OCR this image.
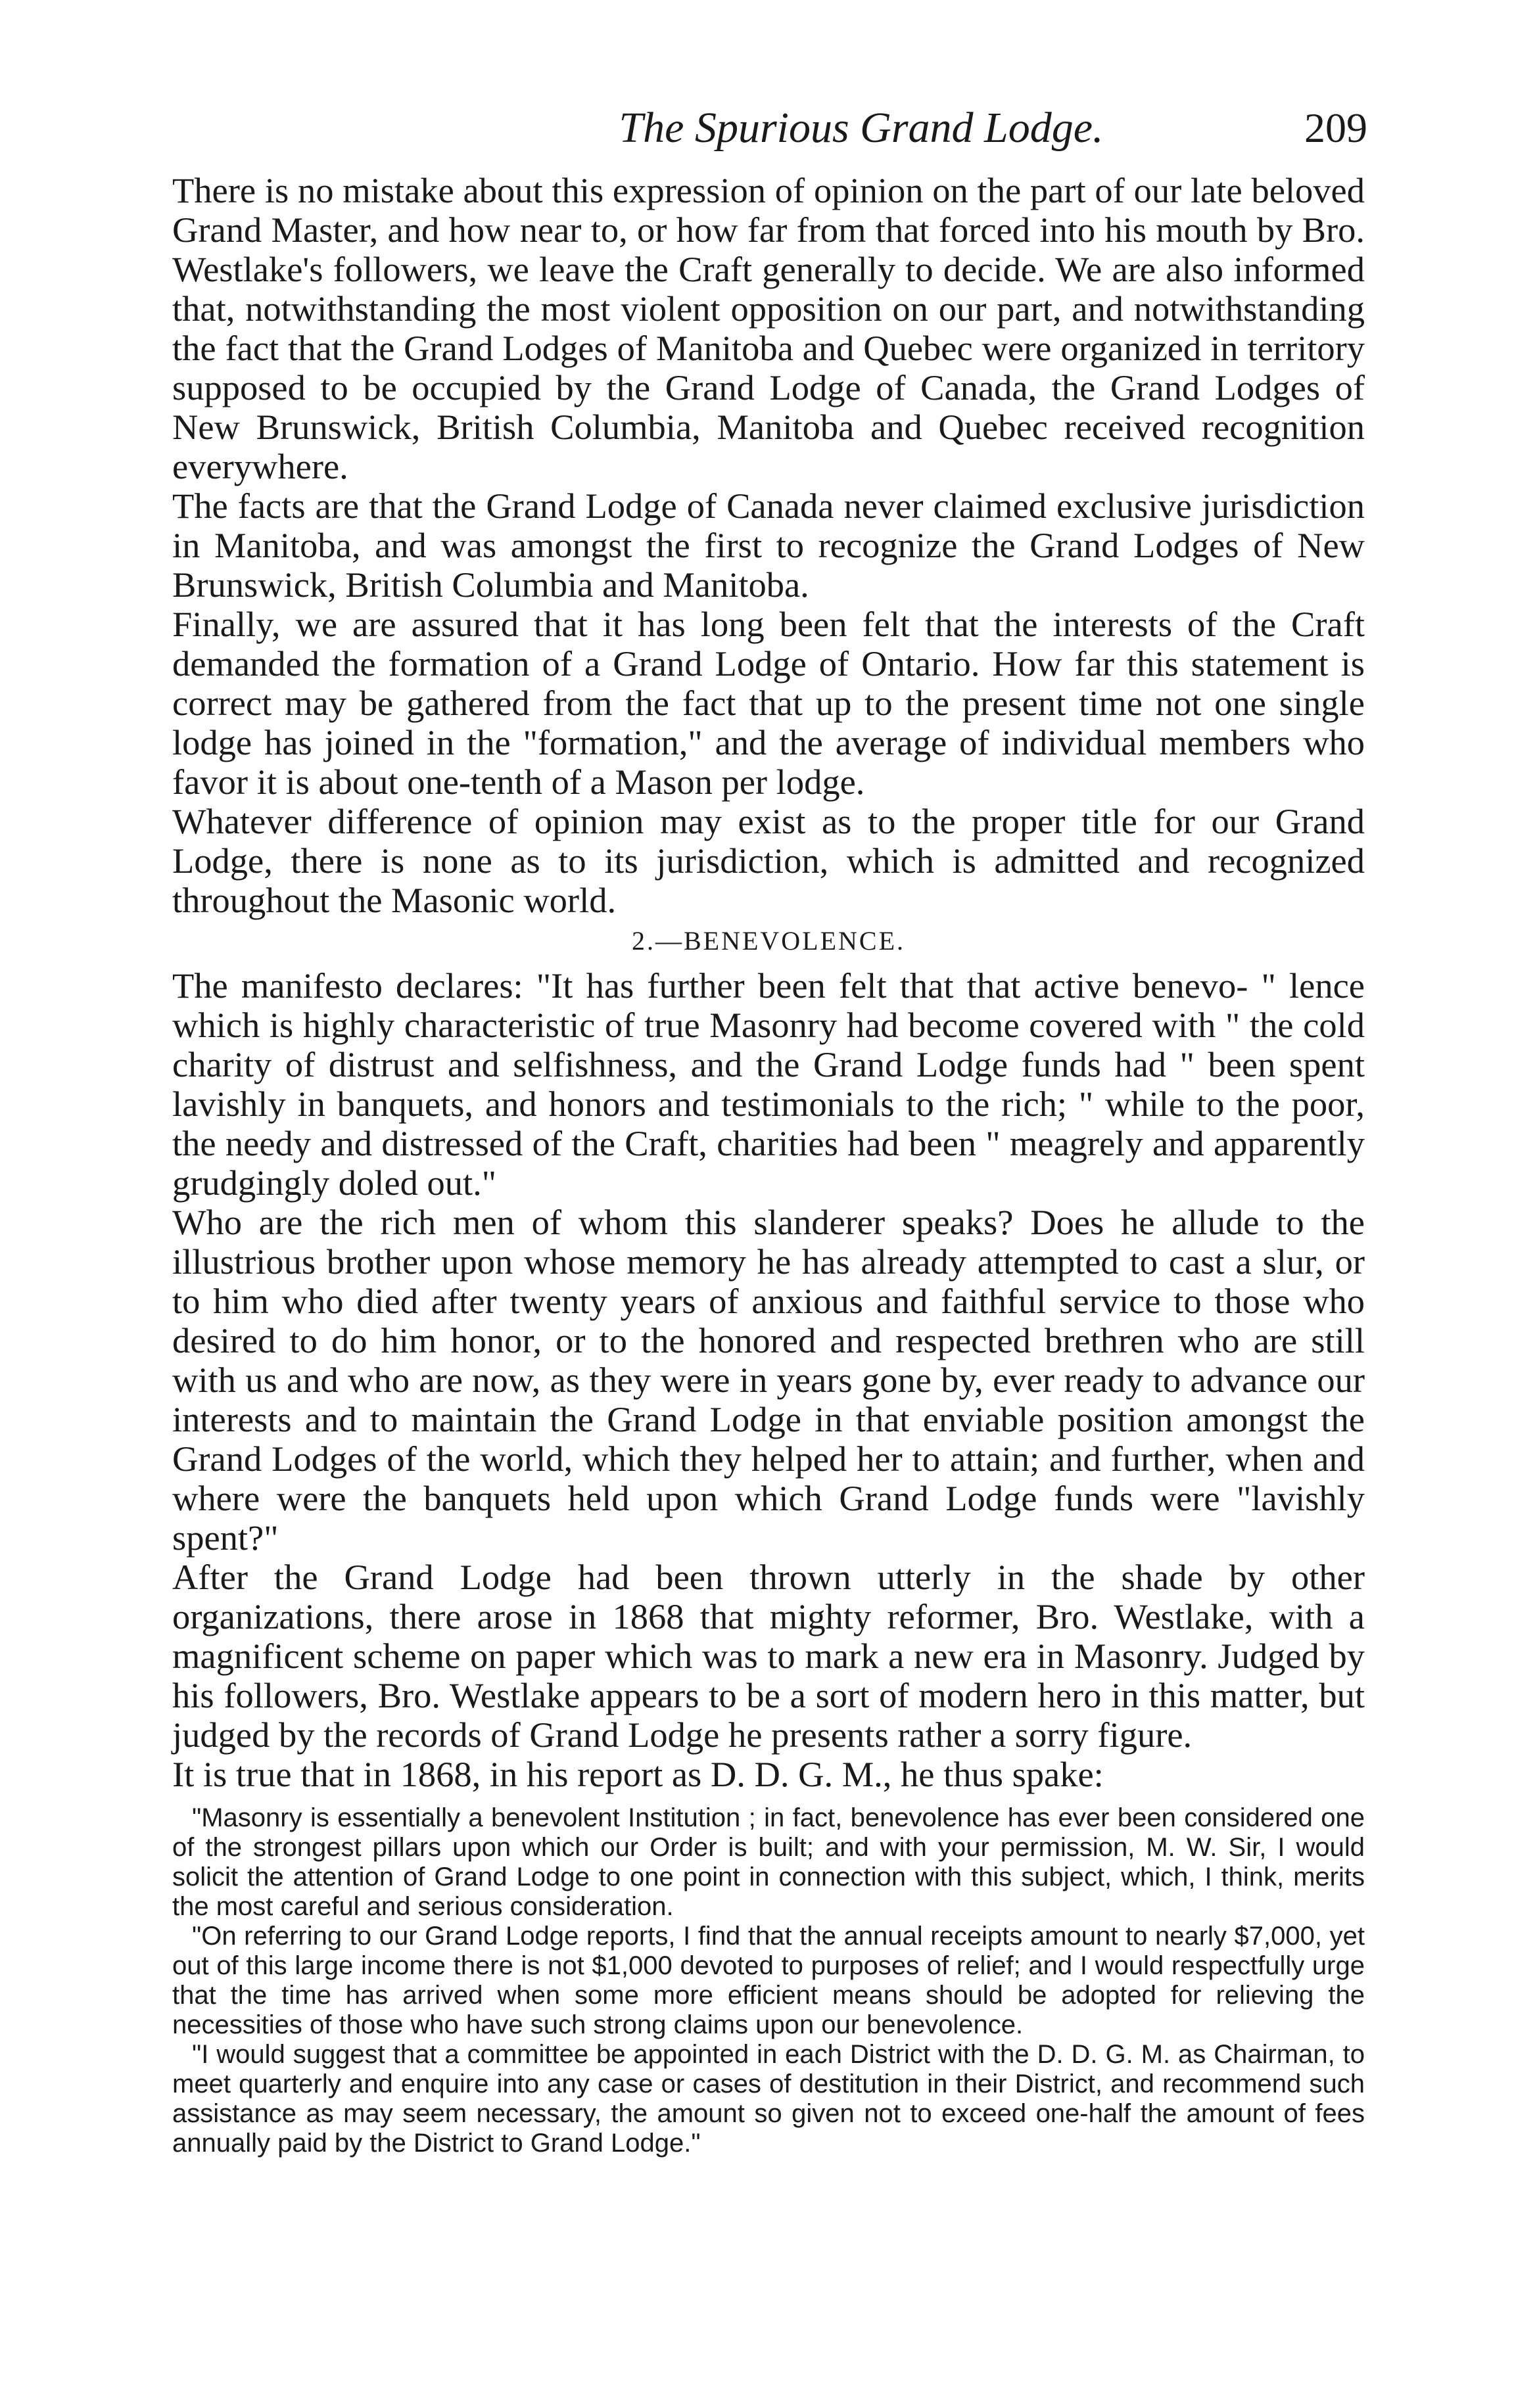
The Spurious Grand Lodge.	209

There is no mistake about this expression of opinion on the part of our late beloved Grand Master, and how near to, or how far from that forced into his mouth by Bro. Westlake's followers, we leave the Craft generally to decide. We are also informed that, notwithstanding the most violent opposition on our part, and notwithstanding the fact that the Grand Lodges of Manitoba and Quebec were organized in territory supposed to be occupied by the Grand Lodge of Canada, the Grand Lodges of New Brunswick, British Columbia, Manitoba and Quebec received recognition everywhere.

The facts are that the Grand Lodge of Canada never claimed exclusive jurisdiction in Manitoba, and was amongst the first to recognize the Grand Lodges of New Brunswick, British Columbia and Manitoba.

Finally, we are assured that it has long been felt that the interests of the Craft demanded the formation of a Grand Lodge of Ontario. How far this statement is correct may be gathered from the fact that up to the present time not one single lodge has joined in the "formation," and the average of individual members who favor it is about one-tenth of a Mason per lodge.

Whatever difference of opinion may exist as to the proper title for our Grand Lodge, there is none as to its jurisdiction, which is admitted and recognized throughout the Masonic world.

2.—BENEVOLENCE.

The manifesto declares: "It has further been felt that that active benevo- " lence which is highly characteristic of true Masonry had become covered with " the cold charity of distrust and selfishness, and the Grand Lodge funds had " been spent lavishly in banquets, and honors and testimonials to the rich; " while to the poor, the needy and distressed of the Craft, charities had been " meagrely and apparently grudgingly doled out."

Who are the rich men of whom this slanderer speaks? Does he allude to the illustrious brother upon whose memory he has already attempted to cast a slur, or to him who died after twenty years of anxious and faithful service to those who desired to do him honor, or to the honored and respected brethren who are still with us and who are now, as they were in years gone by, ever ready to advance our interests and to maintain the Grand Lodge in that enviable position amongst the Grand Lodges of the world, which they helped her to attain; and further, when and where were the banquets held upon which Grand Lodge funds were "lavishly spent?"

After the Grand Lodge had been thrown utterly in the shade by other organizations, there arose in 1868 that mighty reformer, Bro. Westlake, with a magnificent scheme on paper which was to mark a new era in Masonry. Judged by his followers, Bro. Westlake appears to be a sort of modern hero in this matter, but judged by the records of Grand Lodge he presents rather a sorry figure.

It is true that in 1868, in his report as D. D. G. M., he thus spake:

"Masonry is essentially a benevolent Institution ; in fact, benevolence has ever been considered one of the strongest pillars upon which our Order is built; and with your permission, M. W. Sir, I would solicit the attention of Grand Lodge to one point in connection with this subject, which, I think, merits the most careful and serious consideration.

"On referring to our Grand Lodge reports, I find that the annual receipts amount to nearly $7,000, yet out of this large income there is not $1,000 devoted to purposes of relief; and I would respectfully urge that the time has arrived when some more efficient means should be adopted for relieving the necessities of those who have such strong claims upon our benevolence.

"I would suggest that a committee be appointed in each District with the D. D. G. M. as Chairman, to meet quarterly and enquire into any case or cases of destitution in their District, and recommend such assistance as may seem necessary, the amount so given not to exceed one-half the amount of fees annually paid by the District to Grand Lodge."
